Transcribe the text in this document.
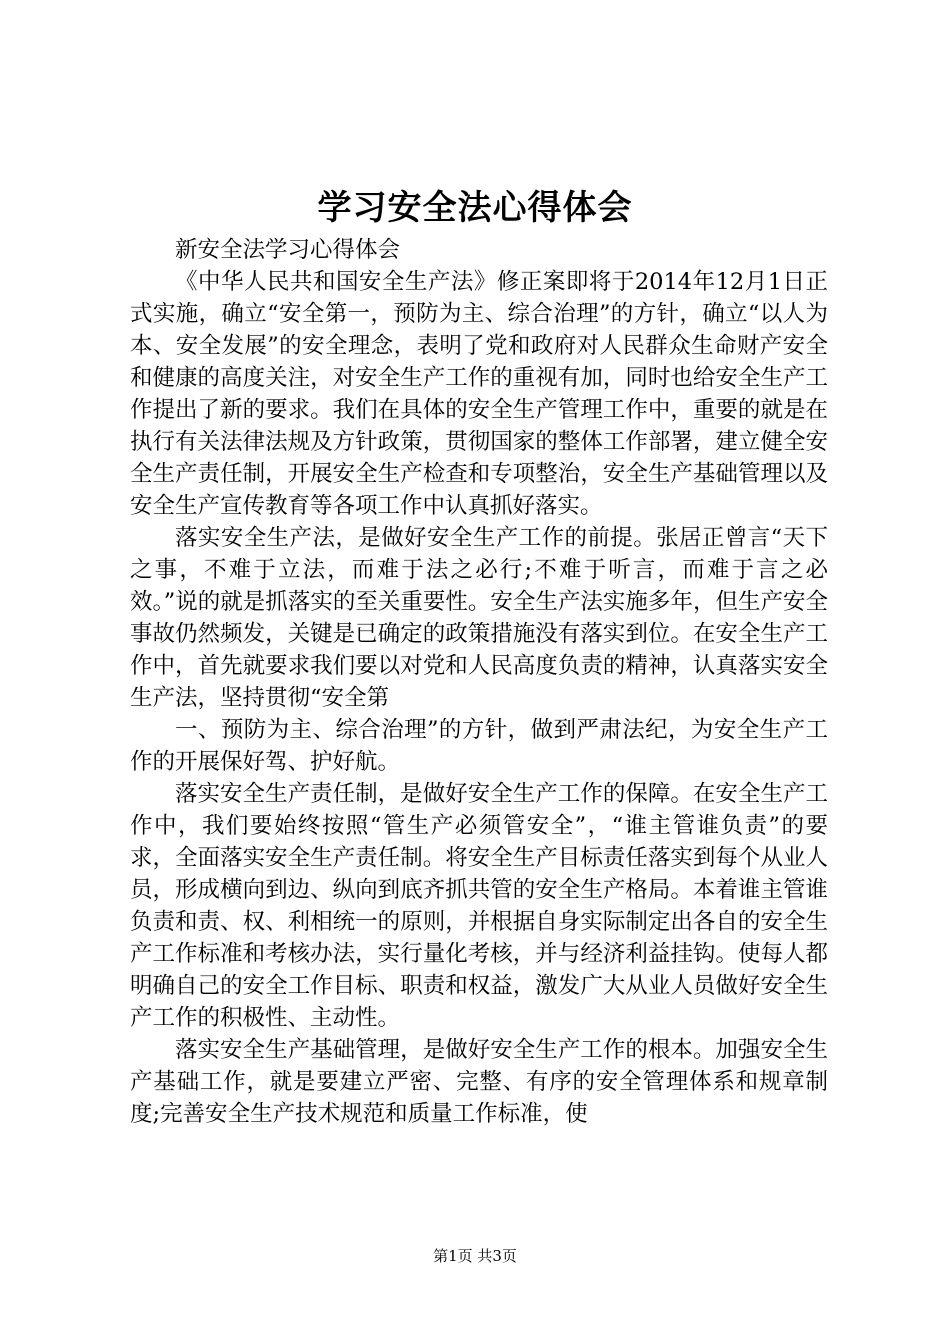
学习安全法心得体会

新安全法学习心得体会

《中华人民共和国安全生产法》修正案即将于2014年12月1日正式实施，确立“安全第一，预防为主、综合治理”的方针，确立“以人为本、安全发展”的安全理念，表明了党和政府对人民群众生命财产安全和健康的高度关注，对安全生产工作的重视有加，同时也给安全生产工作提出了新的要求。我们在具体的安全生产管理工作中，重要的就是在执行有关法律法规及方针政策，贯彻国家的整体工作部署，建立健全安全生产责任制，开展安全生产检查和专项整治，安全生产基础管理以及安全生产宣传教育等各项工作中认真抓好落实。

落实安全生产法，是做好安全生产工作的前提。张居正曾言“天下之事，不难于立法，而难于法之必行;不难于听言，而难于言之必效。”说的就是抓落实的至关重要性。安全生产法实施多年，但生产安全事故仍然频发，关键是已确定的政策措施没有落实到位。在安全生产工作中，首先就要求我们要以对党和人民高度负责的精神，认真落实安全生产法，坚持贯彻“安全第

一、预防为主、综合治理”的方针，做到严肃法纪，为安全生产工作的开展保好驾、护好航。

落实安全生产责任制，是做好安全生产工作的保障。在安全生产工作中，我们要始终按照“管生产必须管安全”，“谁主管谁负责”的要求，全面落实安全生产责任制。将安全生产目标责任落实到每个从业人员，形成横向到边、纵向到底齐抓共管的安全生产格局。本着谁主管谁负责和责、权、利相统一的原则，并根据自身实际制定出各自的安全生产工作标准和考核办法，实行量化考核，并与经济利益挂钩。使每人都明确自己的安全工作目标、职责和权益，激发广大从业人员做好安全生产工作的积极性、主动性。

落实安全生产基础管理，是做好安全生产工作的根本。加强安全生产基础工作，就是要建立严密、完整、有序的安全管理体系和规章制度;完善安全生产技术规范和质量工作标准，使

第1页 共3页
